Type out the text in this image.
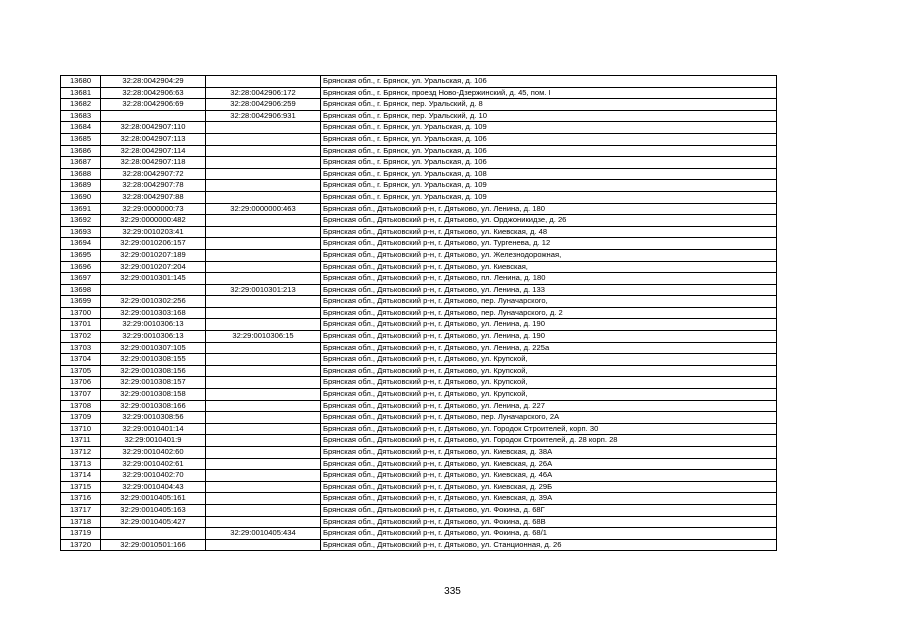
13680	32:28:0042904:29		Брянская обл., г. Брянск, ул. Уральская, д. 106
13681	32:28:0042906:63	32:28:0042906:172	Брянская обл., г. Брянск, проезд Ново-Дзержинский, д. 45, пом. I
13682	32:28:0042906:69	32:28:0042906:259	Брянская обл., г. Брянск, пер. Уральский, д. 8
13683		32:28:0042906:931	Брянская обл., г. Брянск, пер. Уральский, д. 10
13684	32:28:0042907:110		Брянская обл., г. Брянск, ул. Уральская, д. 109
13685	32:28:0042907:113		Брянская обл., г. Брянск, ул. Уральская, д. 106
13686	32:28:0042907:114		Брянская обл., г. Брянск, ул. Уральская, д. 106
13687	32:28:0042907:118		Брянская обл., г. Брянск, ул. Уральская, д. 106
13688	32:28:0042907:72		Брянская обл., г. Брянск, ул. Уральская, д. 108
13689	32:28:0042907:78		Брянская обл., г. Брянск, ул. Уральская, д. 109
13690	32:28:0042907:88		Брянская обл., г. Брянск, ул. Уральская, д. 109
13691	32:29:0000000:73	32:29:0000000:463	Брянская обл., Дятьковский р-н, г. Дятьково, ул. Ленина, д. 180
13692	32:29:0000000:482		Брянская обл., Дятьковский р-н, г. Дятьково, ул. Орджоникидзе, д. 26
13693	32:29:0010203:41		Брянская обл., Дятьковский р-н, г. Дятьково, ул. Киевская, д. 48
13694	32:29:0010206:157		Брянская обл., Дятьковский р-н, г. Дятьково, ул. Тургенева, д. 12
13695	32:29:0010207:189		Брянская обл., Дятьковский р-н, г. Дятьково, ул. Железнодорожная,
13696	32:29:0010207:204		Брянская обл., Дятьковский р-н, г. Дятьково, ул. Киевская,
13697	32:29:0010301:145		Брянская обл., Дятьковский р-н, г. Дятьково, пл. Ленина, д. 180
13698		32:29:0010301:213	Брянская обл., Дятьковский р-н, г. Дятьково, ул. Ленина, д. 133
13699	32:29:0010302:256		Брянская обл., Дятьковский р-н, г. Дятьково, пер. Луначарского,
13700	32:29:0010303:168		Брянская обл., Дятьковский р-н, г. Дятьково, пер. Луначарского, д. 2
13701	32:29:0010306:13		Брянская обл., Дятьковский р-н, г. Дятьково, ул. Ленина, д. 190
13702	32:29:0010306:13	32:29:0010306:15	Брянская обл., Дятьковский р-н, г. Дятьково, ул. Ленина, д. 190
13703	32:29:0010307:105		Брянская обл., Дятьковский р-н, г. Дятьково, ул. Ленина, д. 225а
13704	32:29:0010308:155		Брянская обл., Дятьковский р-н, г. Дятьково, ул. Крупской,
13705	32:29:0010308:156		Брянская обл., Дятьковский р-н, г. Дятьково, ул. Крупской,
13706	32:29:0010308:157		Брянская обл., Дятьковский р-н, г. Дятьково, ул. Крупской,
13707	32:29:0010308:158		Брянская обл., Дятьковский р-н, г. Дятьково, ул. Крупской,
13708	32:29:0010308:166		Брянская обл., Дятьковский р-н, г. Дятьково, ул. Ленина, д. 227
13709	32:29:0010308:56		Брянская обл., Дятьковский р-н, г. Дятьково, пер. Луначарского, 2А
13710	32:29:0010401:14		Брянская обл., Дятьковский р-н, г. Дятьково, ул. Городок Строителей, корп. 30
13711	32:29:0010401:9		Брянская обл., Дятьковский р-н, г. Дятьково, ул. Городок Строителей, д. 28 корп. 28
13712	32:29:0010402:60		Брянская обл., Дятьковский р-н, г. Дятьково, ул. Киевская, д. 38А
13713	32:29:0010402:61		Брянская обл., Дятьковский р-н, г. Дятьково, ул. Киевская, д. 26А
13714	32:29:0010402:70		Брянская обл., Дятьковский р-н, г. Дятьково, ул. Киевская, д. 46А
13715	32:29:0010404:43		Брянская обл., Дятьковский р-н, г. Дятьково, ул. Киевская, д. 29Б
13716	32:29:0010405:161		Брянская обл., Дятьковский р-н, г. Дятьково, ул. Киевская, д. 39А
13717	32:29:0010405:163		Брянская обл., Дятьковский р-н, г. Дятьково, ул. Фокина, д. 68Г
13718	32:29:0010405:427		Брянская обл., Дятьковский р-н, г. Дятьково, ул. Фокина, д. 68В
13719		32:29:0010405:434	Брянская обл., Дятьковский р-н, г. Дятьково, ул. Фокина, д. 68/1
13720	32:29:0010501:166		Брянская обл., Дятьковский р-н, г. Дятьково, ул. Станционная, д. 26
335
